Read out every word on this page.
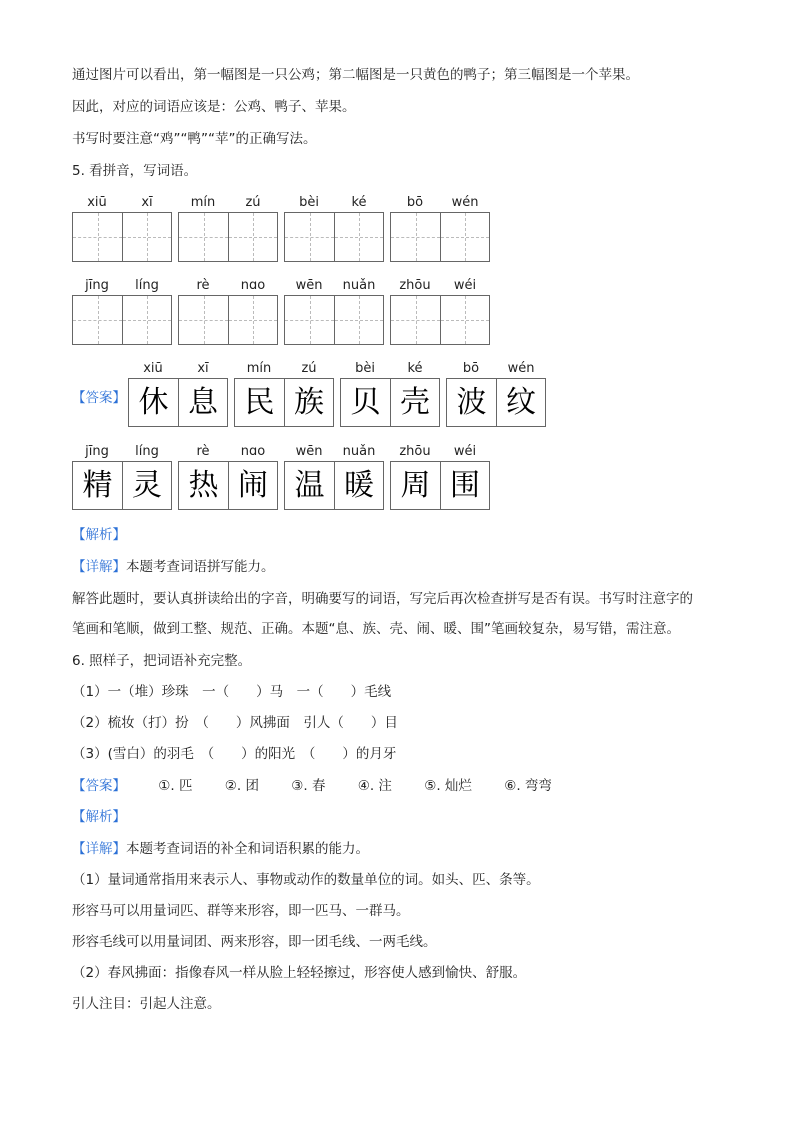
通过图片可以看出，第一幅图是一只公鸡；第二幅图是一只黄色的鸭子；第三幅图是一个苹果。
因此，对应的词语应该是：公鸡、鸭子、苹果。
书写时要注意“鸡”“鸭”“苹”的正确写法。
5. 看拼音，写词语。
xiū	xī	mín	zú	bèi	ké	bō	wén
jīng	líng	rè	nɑo	wēn	nuǎn	zhōu	wéi
【答案】
xiū	xī
休 息
mín	zú
民 族
bèi	ké
贝 壳
bō	wén
波 纹
jīng	líng
精 灵
rè	nɑo
热 闹
wēn	nuǎn
温 暖
zhōu	wéi
周 围
【解析】
【详解】本题考查词语拼写能力。
解答此题时，要认真拼读给出的字音，明确要写的词语，写完后再次检查拼写是否有误。书写时注意字的
笔画和笔顺，做到工整、规范、正确。本题“息、族、壳、闹、暖、围”笔画较复杂，易写错，需注意。
6. 照样子，把词语补充完整。
（1）一（堆）珍珠　一（　　）马　一（　　）毛线
（2）梳妆（打）扮　（　　）风拂面　引人（　　）目
（3）(雪白）的羽毛　（　　）的阳光　（　　）的月牙
【答案】 ①. 匹 ②. 团 ③. 春 ④. 注 ⑤. 灿烂 ⑥. 弯弯
【解析】
【详解】本题考查词语的补全和词语积累的能力。
（1）量词通常指用来表示人、事物或动作的数量单位的词。如头、匹、条等。
形容马可以用量词匹、群等来形容，即一匹马、一群马。
形容毛线可以用量词团、两来形容，即一团毛线、一两毛线。
（2）春风拂面：指像春风一样从脸上轻轻擦过，形容使人感到愉快、舒服。
引人注目：引起人注意。
